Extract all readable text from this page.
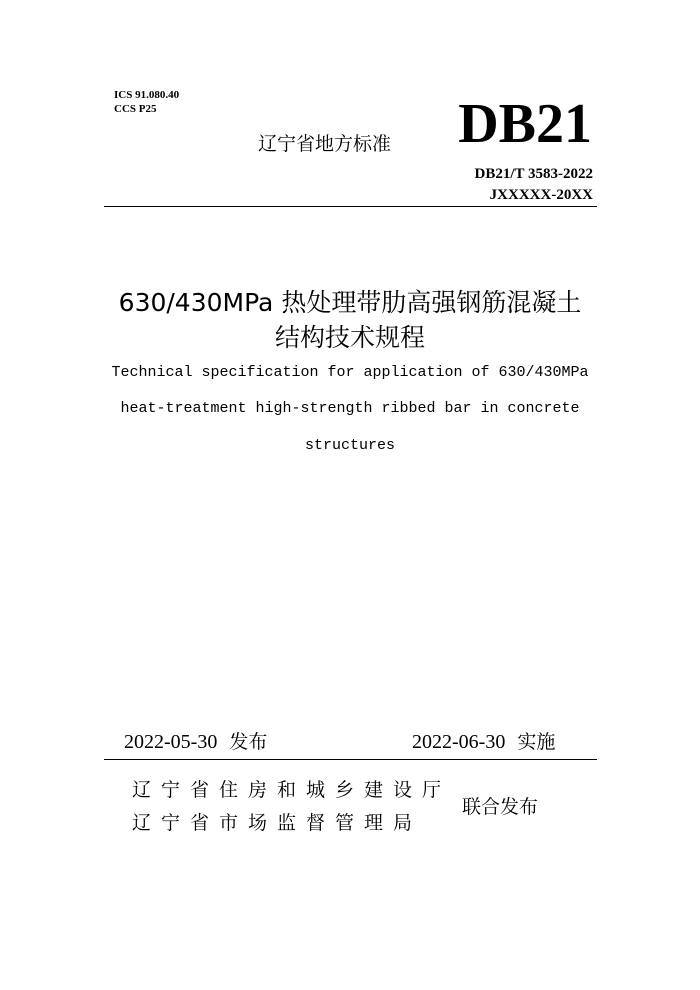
ICS 91.080.40
CCS P25
辽宁省地方标准 DB21
DB21/T 3583-2022
JXXXXX-20XX
630/430MPa 热处理带肋高强钢筋混凝土
结构技术规程
Technical specification for application of 630/430MPa
heat-treatment high-strength ribbed bar in concrete
structures
2022-05-30 发布	2022-06-30 实施
辽宁省住房和城乡建设厅
辽宁省市场监督管理局
联合发布
